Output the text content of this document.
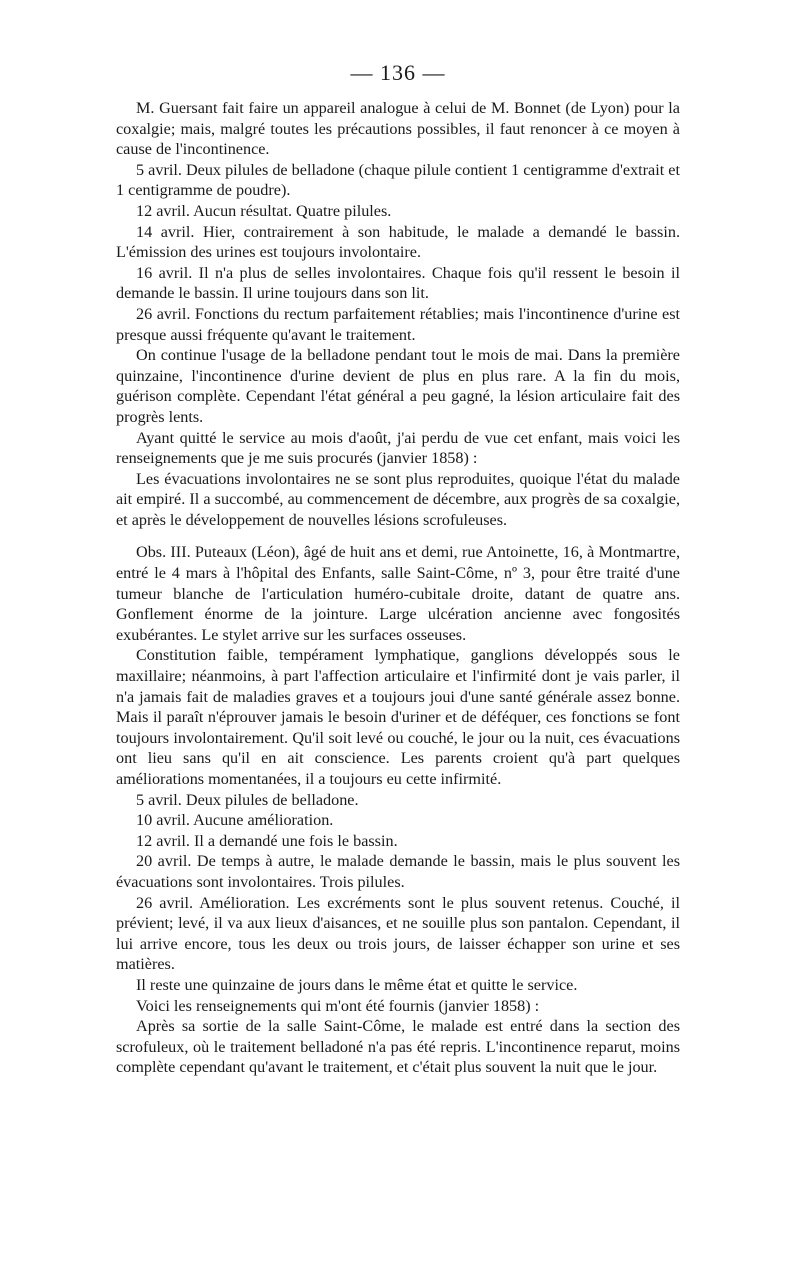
— 136 —

M. Guersant fait faire un appareil analogue à celui de M. Bonnet (de Lyon) pour la coxalgie; mais, malgré toutes les précautions possibles, il faut renoncer à ce moyen à cause de l'incontinence.

5 avril. Deux pilules de belladone (chaque pilule contient 1 centigramme d'extrait et 1 centigramme de poudre).

12 avril. Aucun résultat. Quatre pilules.

14 avril. Hier, contrairement à son habitude, le malade a demandé le bassin. L'émission des urines est toujours involontaire.

16 avril. Il n'a plus de selles involontaires. Chaque fois qu'il ressent le besoin il demande le bassin. Il urine toujours dans son lit.

26 avril. Fonctions du rectum parfaitement rétablies; mais l'incontinence d'urine est presque aussi fréquente qu'avant le traitement.

On continue l'usage de la belladone pendant tout le mois de mai. Dans la première quinzaine, l'incontinence d'urine devient de plus en plus rare. A la fin du mois, guérison complète. Cependant l'état général a peu gagné, la lésion articulaire fait des progrès lents.

Ayant quitté le service au mois d'août, j'ai perdu de vue cet enfant, mais voici les renseignements que je me suis procurés (janvier 1858) :

Les évacuations involontaires ne se sont plus reproduites, quoique l'état du malade ait empiré. Il a succombé, au commencement de décembre, aux progrès de sa coxalgie, et après le développement de nouvelles lésions scrofuleuses.

Obs. III. Puteaux (Léon), âgé de huit ans et demi, rue Antoinette, 16, à Montmartre, entré le 4 mars à l'hôpital des Enfants, salle Saint-Côme, nº 3, pour être traité d'une tumeur blanche de l'articulation huméro-cubitale droite, datant de quatre ans. Gonflement énorme de la jointure. Large ulcération ancienne avec fongosités exubérantes. Le stylet arrive sur les surfaces osseuses.

Constitution faible, tempérament lymphatique, ganglions développés sous le maxillaire; néanmoins, à part l'affection articulaire et l'infirmité dont je vais parler, il n'a jamais fait de maladies graves et a toujours joui d'une santé générale assez bonne. Mais il paraît n'éprouver jamais le besoin d'uriner et de déféquer, ces fonctions se font toujours involontairement. Qu'il soit levé ou couché, le jour ou la nuit, ces évacuations ont lieu sans qu'il en ait conscience. Les parents croient qu'à part quelques améliorations momentanées, il a toujours eu cette infirmité.

5 avril. Deux pilules de belladone.

10 avril. Aucune amélioration.

12 avril. Il a demandé une fois le bassin.

20 avril. De temps à autre, le malade demande le bassin, mais le plus souvent les évacuations sont involontaires. Trois pilules.

26 avril. Amélioration. Les excréments sont le plus souvent retenus. Couché, il prévient; levé, il va aux lieux d'aisances, et ne souille plus son pantalon. Cependant, il lui arrive encore, tous les deux ou trois jours, de laisser échapper son urine et ses matières.

Il reste une quinzaine de jours dans le même état et quitte le service.

Voici les renseignements qui m'ont été fournis (janvier 1858) :

Après sa sortie de la salle Saint-Côme, le malade est entré dans la section des scrofuleux, où le traitement belladoné n'a pas été repris. L'incontinence reparut, moins complète cependant qu'avant le traitement, et c'était plus souvent la nuit que le jour.
